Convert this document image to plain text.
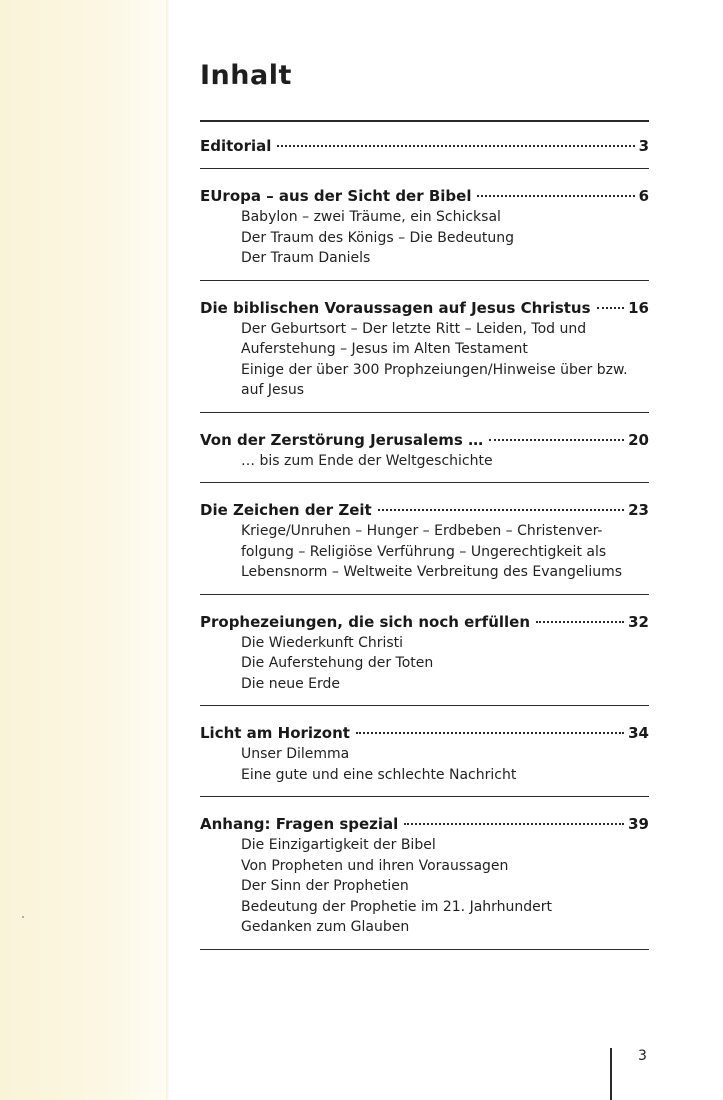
Inhalt
Editorial	3
EUropa – aus der Sicht der Bibel	6
Babylon – zwei Träume, ein Schicksal
Der Traum des Königs – Die Bedeutung
Der Traum Daniels
Die biblischen Voraussagen auf Jesus Christus	16
Der Geburtsort – Der letzte Ritt – Leiden, Tod und
Auferstehung – Jesus im Alten Testament
Einige der über 300 Prophzeiungen/Hinweise über bzw.
auf Jesus
Von der Zerstörung Jerusalems …	20
… bis zum Ende der Weltgeschichte
Die Zeichen der Zeit	23
Kriege/Unruhen – Hunger – Erdbeben – Christenver-
folgung – Religiöse Verführung – Ungerechtigkeit als
Lebensnorm – Weltweite Verbreitung des Evangeliums
Prophezeiungen, die sich noch erfüllen	32
Die Wiederkunft Christi
Die Auferstehung der Toten
Die neue Erde
Licht am Horizont	34
Unser Dilemma
Eine gute und eine schlechte Nachricht
Anhang: Fragen spezial	39
Die Einzigartigkeit der Bibel
Von Propheten und ihren Voraussagen
Der Sinn der Prophetien
Bedeutung der Prophetie im 21. Jahrhundert
Gedanken zum Glauben
3
